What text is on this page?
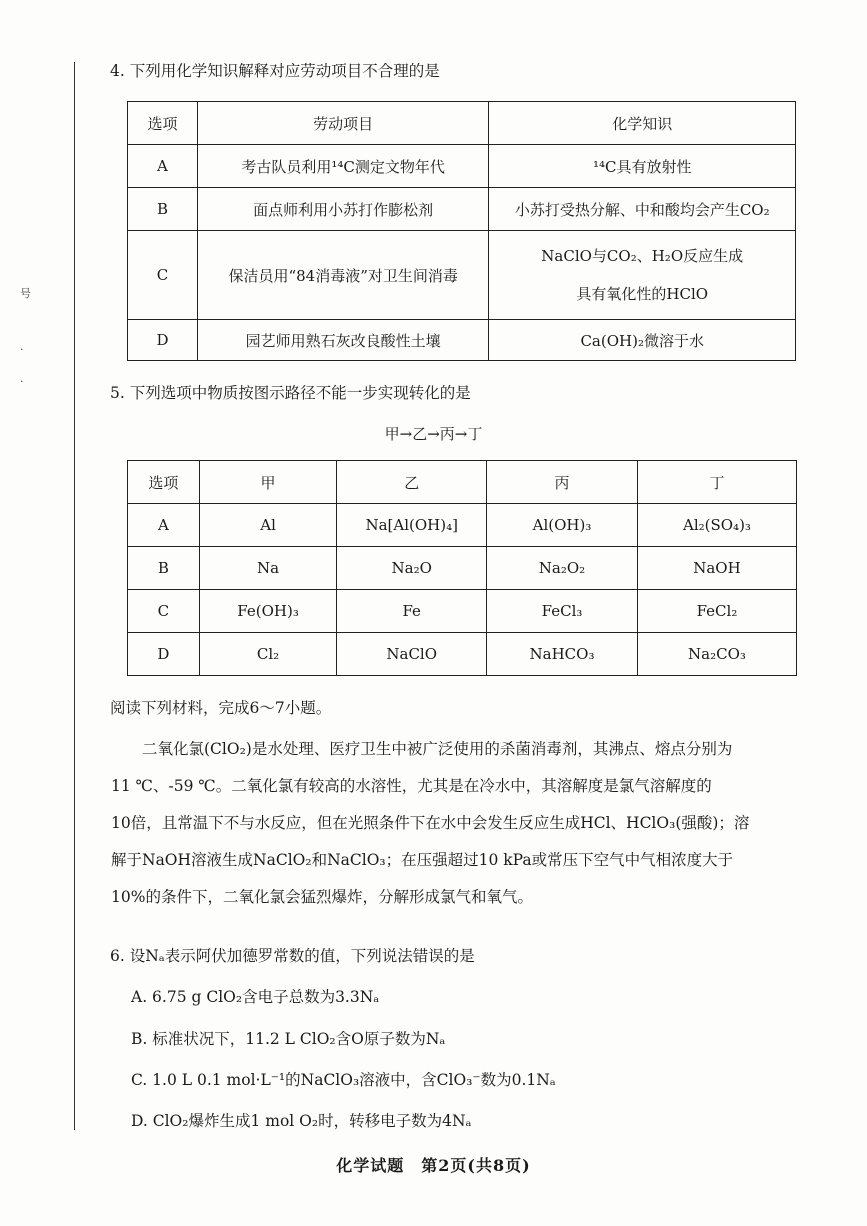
号
.
.
4. 下列用化学知识解释对应劳动项目不合理的是
选项	劳动项目	化学知识
A	考古队员利用¹⁴C测定文物年代	¹⁴C具有放射性
B	面点师利用小苏打作膨松剂	小苏打受热分解、中和酸均会产生CO₂
C	保洁员用“84消毒液”对卫生间消毒	NaClO与CO₂、H₂O反应生成
具有氧化性的HClO

D	园艺师用熟石灰改良酸性土壤	Ca(OH)₂微溶于水
5. 下列选项中物质按图示路径不能一步实现转化的是
甲→乙→丙→丁
选项	甲	乙	丙	丁
A	Al	Na[Al(OH)₄]	Al(OH)₃	Al₂(SO₄)₃
B	Na	Na₂O	Na₂O₂	NaOH
C	Fe(OH)₃	Fe	FeCl₃	FeCl₂
D	Cl₂	NaClO	NaHCO₃	Na₂CO₃
阅读下列材料，完成6～7小题。
　　二氧化氯(ClO₂)是水处理、医疗卫生中被广泛使用的杀菌消毒剂，其沸点、熔点分别为
11 ℃、-59 ℃。二氧化氯有较高的水溶性，尤其是在冷水中，其溶解度是氯气溶解度的
10倍，且常温下不与水反应，但在光照条件下在水中会发生反应生成HCl、HClO₃(强酸)；溶
解于NaOH溶液生成NaClO₂和NaClO₃；在压强超过10 kPa或常压下空气中气相浓度大于
10%的条件下，二氧化氯会猛烈爆炸，分解形成氯气和氧气。
6. 设Nₐ表示阿伏加德罗常数的值，下列说法错误的是
A. 6.75 g ClO₂含电子总数为3.3Nₐ
B. 标准状况下，11.2 L ClO₂含O原子数为Nₐ
C. 1.0 L 0.1 mol·L⁻¹的NaClO₃溶液中，含ClO₃⁻数为0.1Nₐ
D. ClO₂爆炸生成1 mol O₂时，转移电子数为4Nₐ
化学试题　第2页(共8页)
